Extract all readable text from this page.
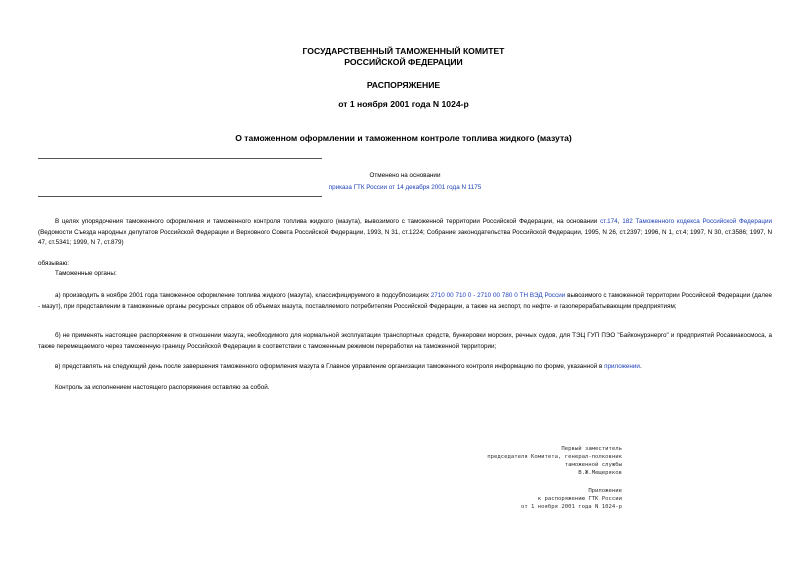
ГОСУДАРСТВЕННЫЙ ТАМОЖЕННЫЙ КОМИТЕТ
РОССИЙСКОЙ ФЕДЕРАЦИИ
РАСПОРЯЖЕНИЕ
от 1 ноября 2001 года N 1024-р
О таможенном оформлении и таможенном контроле топлива жидкого (мазута)
Отменено на основании
приказа ГТК России от 14 декабря 2001 года N 1175
В целях упорядочения таможенного оформления и таможенного контроля топлива жидкого (мазута), вывозимого с таможенной территории Российской Федерации, на основании ст.174, 182 Таможенного кодекса Российской Федерации (Ведомости Съезда народных депутатов Российской Федерации и Верховного Совета Российской Федерации, 1993, N 31, ст.1224; Собрание законодательства Российской Федерации, 1995, N 26, ст.2397; 1996, N 1, ст.4; 1997, N 30, ст.3586; 1997, N 47, ст.5341; 1999, N 7, ст.879)
обязываю:
Таможенные органы:
а) производить в ноябре 2001 года таможенное оформление топлива жидкого (мазута), классифицируемого в подсубпозициях 2710 00 710 0 - 2710 00 780 0 ТН ВЭД России вывозимого с таможенной территории Российской Федерации (далее - мазут), при представлении в таможенные органы ресурсных справок об объемах мазута, поставляемого потребителям Российской Федерации, а также на экспорт, по нефте- и газоперерабатывающим предприятиям;
б) не применять настоящее распоряжение в отношении мазута, необходимого для нормальной эксплуатации транспортных средств, бункеровки морских, речных судов, для ТЭЦ ГУП ПЭО "Байконурэнерго" и предприятий Росавиакосмоса, а также перемещаемого через таможенную границу Российской Федерации в соответствии с таможенным режимом переработки на таможенной территории;
в) представлять на следующий день после завершения таможенного оформления мазута в Главное управление организации таможенного контроля информацию по форме, указанной в приложении.
Контроль за исполнением настоящего распоряжения оставляю за собой.
Первый заместитель
председателя Комитета, генерал-полковник
таможенной службы
В.Ж.Мещеряков
Приложение
к распоряжению ГТК России
от 1 ноября 2001 года N 1024-р
